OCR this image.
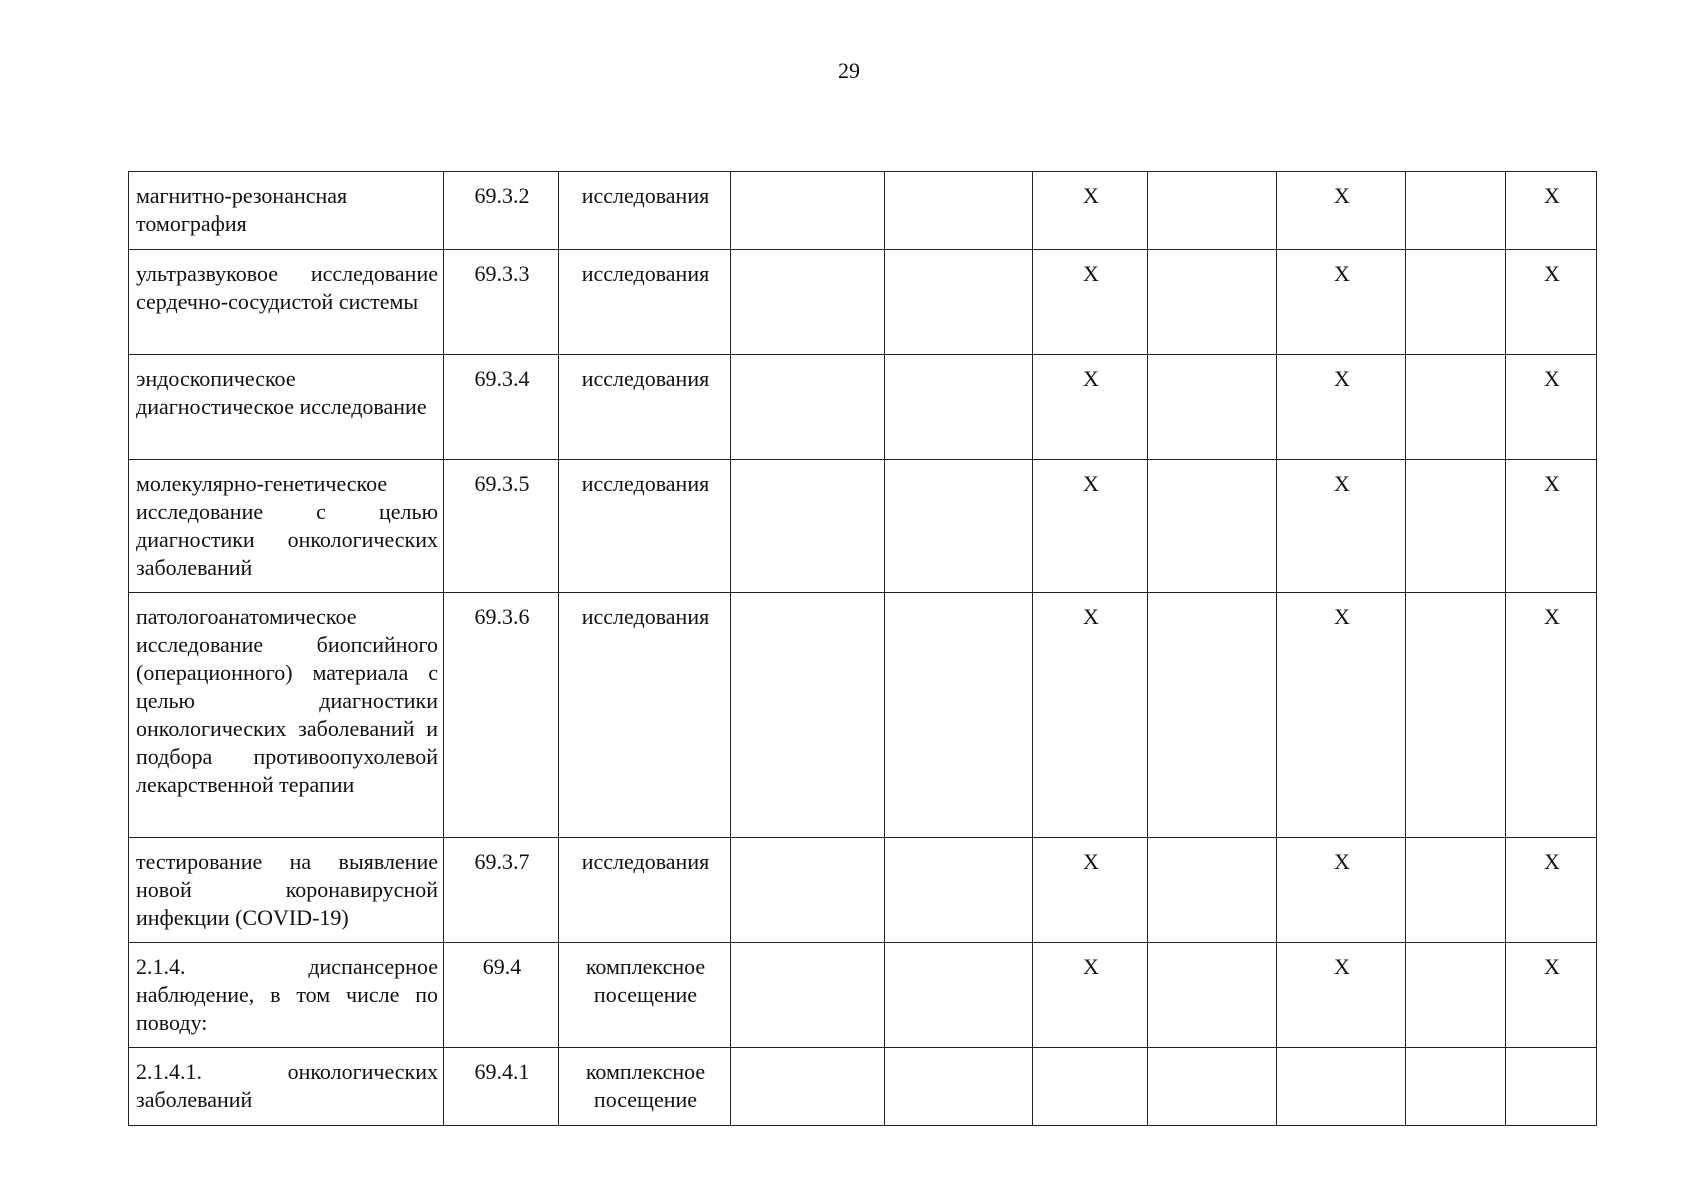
29
магнитно-резонансная томография	69.3.2	исследования			X		X		X
ультразвуковое исследование сердечно-сосудистой системы	69.3.3	исследования			X		X		X
эндоскопическое диагностическое исследование	69.3.4	исследования			X		X		X
молекулярно-генетическое исследование с целью диагностики онкологических заболеваний	69.3.5	исследования			X		X		X
патологоанатомическое исследование биопсийного (операционного) материала с целью диагностики онкологических заболеваний и подбора противоопухолевой лекарственной терапии	69.3.6	исследования			X		X		X
тестирование на выявление новой коронавирусной инфекции (COVID-19)	69.3.7	исследования			X		X		X
2.1.4. диспансерное наблюдение, в том числе по поводу:	69.4	комплексное посещение			X		X		X
2.1.4.1. онкологических заболеваний	69.4.1	комплексное посещение							
